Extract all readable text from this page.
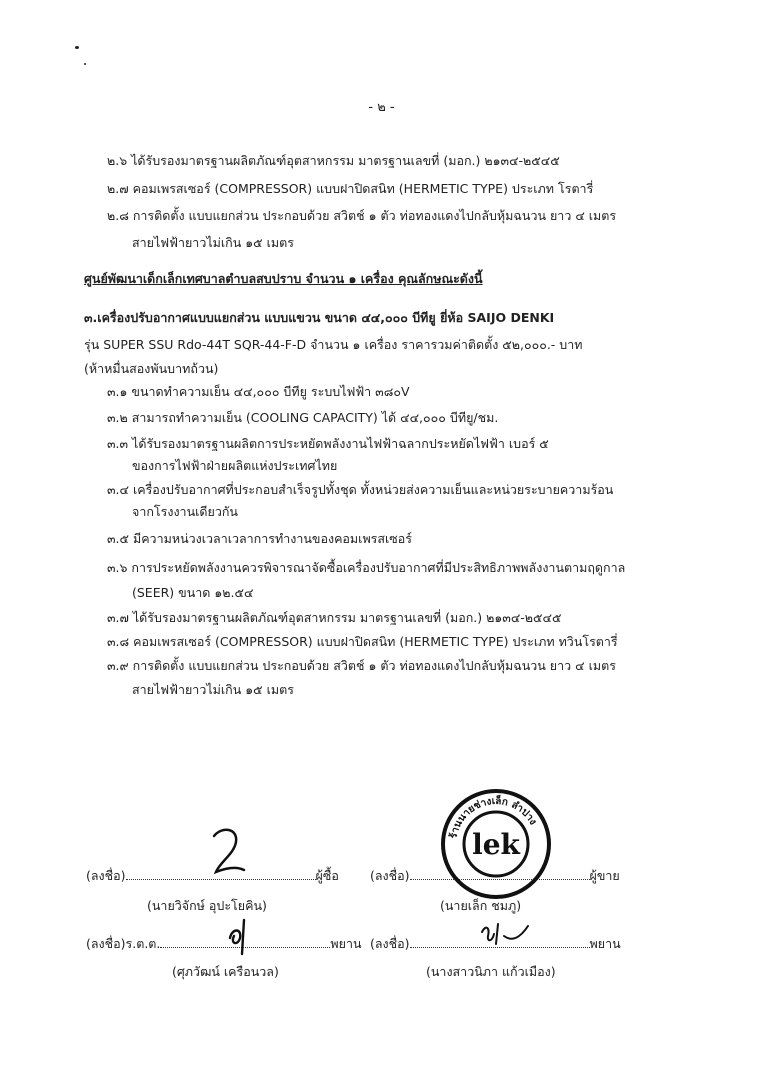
- ๒ -
๒.๖ ได้รับรองมาตรฐานผลิตภัณฑ์อุตสาหกรรม มาตรฐานเลขที่ (มอก.) ๒๑๓๔-๒๕๔๕
๒.๗ คอมเพรสเซอร์ (COMPRESSOR) แบบฝาปิดสนิท (HERMETIC TYPE) ประเภท โรตารี่
๒.๘ การติดตั้ง แบบแยกส่วน ประกอบด้วย สวิตช์ ๑ ตัว ท่อทองแดงไปกลับหุ้มฉนวน ยาว ๔ เมตร
สายไฟฟ้ายาวไม่เกิน ๑๕ เมตร
ศูนย์พัฒนาเด็กเล็กเทศบาลตำบลสบปราบ จำนวน ๑ เครื่อง คุณลักษณะดังนี้
๓.เครื่องปรับอากาศแบบแยกส่วน แบบแขวน ขนาด ๔๔,๐๐๐ บีทียู ยี่ห้อ SAIJO DENKI
รุ่น SUPER SSU Rdo-44T SQR-44-F-D จำนวน ๑ เครื่อง ราคารวมค่าติดตั้ง ๕๒,๐๐๐.- บาท
(ห้าหมื่นสองพันบาทถ้วน)
๓.๑ ขนาดทำความเย็น ๔๔,๐๐๐ บีทียู ระบบไฟฟ้า ๓๘๐V
๓.๒ สามารถทำความเย็น (COOLING CAPACITY) ได้ ๔๔,๐๐๐ บีทียู/ชม.
๓.๓ ได้รับรองมาตรฐานผลิตการประหยัดพลังงานไฟฟ้าฉลากประหยัดไฟฟ้า เบอร์ ๕
ของการไฟฟ้าฝ่ายผลิตแห่งประเทศไทย
๓.๔ เครื่องปรับอากาศที่ประกอบสำเร็จรูปทั้งชุด ทั้งหน่วยส่งความเย็นและหน่วยระบายความร้อน
จากโรงงานเดียวกัน
๓.๕ มีความหน่วงเวลาเวลาการทำงานของคอมเพรสเซอร์
๓.๖ การประหยัดพลังงานควรพิจารณาจัดซื้อเครื่องปรับอากาศที่มีประสิทธิภาพพลังงานตามฤดูกาล
(SEER) ขนาด ๑๒.๕๔
๓.๗ ได้รับรองมาตรฐานผลิตภัณฑ์อุตสาหกรรม มาตรฐานเลขที่ (มอก.) ๒๑๓๔-๒๕๔๕
๓.๘ คอมเพรสเซอร์ (COMPRESSOR) แบบฝาปิดสนิท (HERMETIC TYPE) ประเภท ทวินโรตารี่
๓.๙ การติดตั้ง แบบแยกส่วน ประกอบด้วย สวิตช์ ๑ ตัว ท่อทองแดงไปกลับหุ้มฉนวน ยาว ๔ เมตร
สายไฟฟ้ายาวไม่เกิน ๑๕ เมตร
(ลงชื่อ)	ผู้ซื้อ (ลงชื่อ)	ผู้ขาย
(นายวิจักษ์ อุปะโยคิน)	(นายเล็ก ชมภู)
(ลงชื่อ)ร.ต.ต.	พยาน (ลงชื่อ)	พยาน
(ศุภวัฒน์ เครือนวล)	(นางสาวนิภา แก้วเมือง)
ร้านนายช่างเล็ก ลำปาง
lek
